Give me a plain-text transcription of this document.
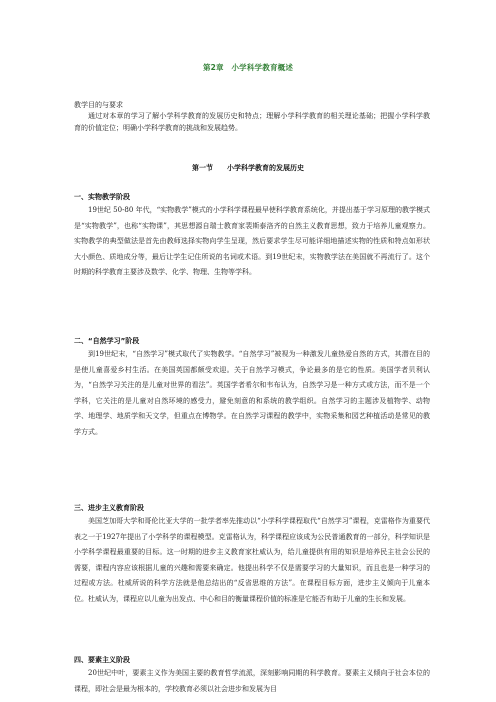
第2章　小学科学教育概述

教学目的与要求

通过对本章的学习了解小学科学教育的发展历史和特点；理解小学科学教育的相关理论基础；把握小学科学教育的价值定位；明确小学科学教育的挑战和发展趋势。

第一节 小学科学教育的发展历史

一、实物教学阶段

19世纪 50-80 年代，“实物教学”模式的小学科学课程最早使科学教育系统化，并提出基于学习原理的教学模式是“实物教学”，也称“实物课”，其思想源自瑞士教育家裴斯泰洛齐的自然主义教育思想，致力于培养儿童观察力。实物教学的典型做法是首先由教师选择实物向学生呈现，然后要求学生尽可能详细地描述实物的性质和特点如形状大小颜色、质地成分等，最后让学生记住所说的名词或术语。到19世纪末，实物教学法在美国就不再流行了。这个时期的科学教育主要涉及数学、化学、物理、生物等学科。

二、“自然学习”阶段

到19世纪末，“自然学习”模式取代了实物教学。“自然学习”被视为一种激发儿童热爱自然的方式，其潜在目的是使儿童喜爱乡村生活。在美国英国都颇受欢迎。关于自然学习模式，争论最多的是它的性质。美国学者贝利认为，“自然学习关注的是儿童对世界的看法”。英国学者希尔和韦布认为，自然学习是一种方式或方法，而不是一个学科，它关注的是儿童对自然环境的感受力，避免刻意的和系统的教学组织。自然学习的主题涉及植物学、动物学、地理学、地质学和天文学，但重点在博物学。在自然学习课程的教学中，实物采集和园艺种植活动是常见的教学方式。

三、进步主义教育阶段

美国芝加哥大学和哥伦比亚大学的一批学者率先推动以“小学科学课程取代“自然学习”课程，克雷格作为重要代表之一于1927年提出了小学科学的课程模型。克雷格认为，科学课程应该成为公民普通教育的一部分，科学知识是小学科学课程最重要的目标。这一时期的进步主义教育家杜威认为，给儿童提供有用的知识是培养民主社会公民的需要，课程内容应该根据儿童的兴趣和需要来确定。他提出科学不仅是需要学习的大量知识，而且也是一种学习的过程或方法。杜威所说的科学方法就是他总结出的“反省思维的方法”。在课程目标方面，进步主义倾向于儿童本位。杜威认为，课程应以儿童为出发点、中心和目的衡量课程价值的标准是它能否有助于儿童的生长和发展。

四、要素主义阶段

20世纪中叶，要素主义作为美国主要的教育哲学流派，深刻影响同期的科学教育。要素主义倾向于社会本位的课程，即社会是最为根本的，学校教育必须以社会进步和发展为目
